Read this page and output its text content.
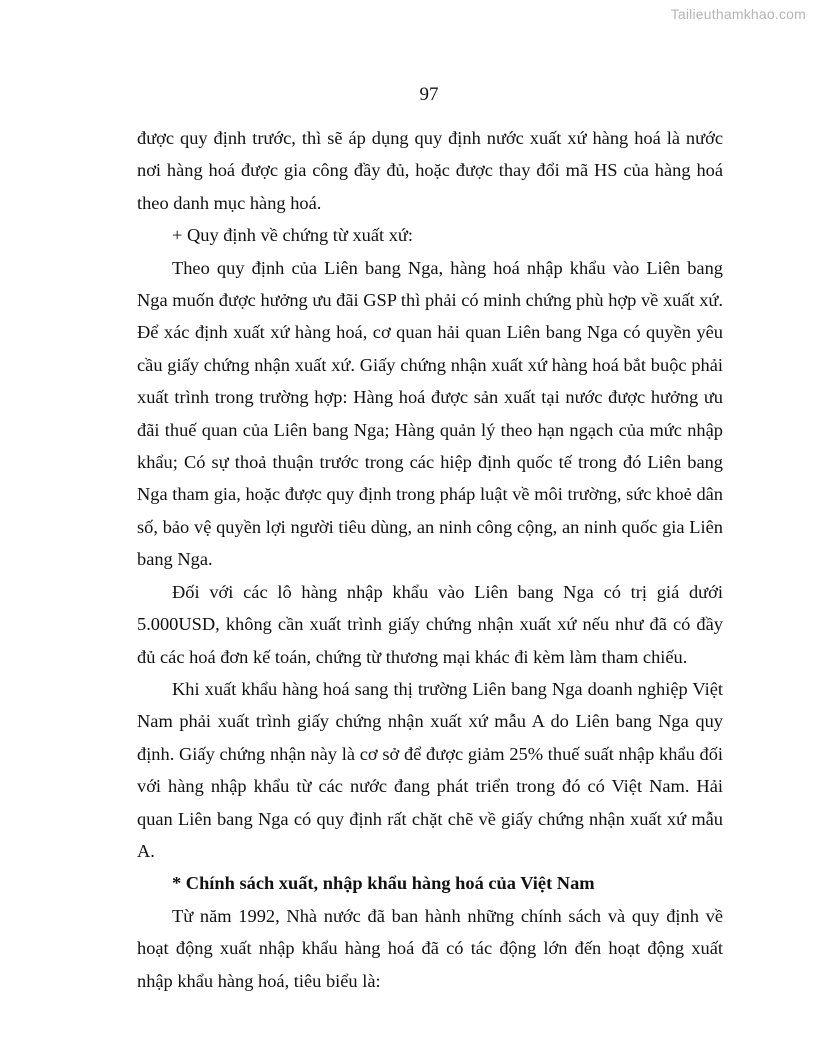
Tailieuthamkhao.com
97

được quy định trước, thì sẽ áp dụng quy định nước xuất xứ hàng hoá là nước nơi hàng hoá được gia công đầy đủ, hoặc được thay đổi mã HS của hàng hoá theo danh mục hàng hoá.

+ Quy định về chứng từ xuất xứ:

Theo quy định của Liên bang Nga, hàng hoá nhập khẩu vào Liên bang Nga muốn được hưởng ưu đãi GSP thì phải có minh chứng phù hợp về xuất xứ. Để xác định xuất xứ hàng hoá, cơ quan hải quan Liên bang Nga có quyền yêu cầu giấy chứng nhận xuất xứ. Giấy chứng nhận xuất xứ hàng hoá bắt buộc phải xuất trình trong trường hợp: Hàng hoá được sản xuất tại nước được hưởng ưu đãi thuế quan của Liên bang Nga; Hàng quản lý theo hạn ngạch của mức nhập khẩu; Có sự thoả thuận trước trong các hiệp định quốc tế trong đó Liên bang Nga tham gia, hoặc được quy định trong pháp luật về môi trường, sức khoẻ dân số, bảo vệ quyền lợi người tiêu dùng, an ninh công cộng, an ninh quốc gia Liên bang Nga.

Đối với các lô hàng nhập khẩu vào Liên bang Nga có trị giá dưới 5.000USD, không cần xuất trình giấy chứng nhận xuất xứ nếu như đã có đầy đủ các hoá đơn kế toán, chứng từ thương mại khác đi kèm làm tham chiếu.

Khi xuất khẩu hàng hoá sang thị trường Liên bang Nga doanh nghiệp Việt Nam phải xuất trình giấy chứng nhận xuất xứ mẫu A do Liên bang Nga quy định. Giấy chứng nhận này là cơ sở để được giảm 25% thuế suất nhập khẩu đối với hàng nhập khẩu từ các nước đang phát triển trong đó có Việt Nam. Hải quan Liên bang Nga có quy định rất chặt chẽ về giấy chứng nhận xuất xứ mẫu A.

* Chính sách xuất, nhập khẩu hàng hoá của Việt Nam

Từ năm 1992, Nhà nước đã ban hành những chính sách và quy định về hoạt động xuất nhập khẩu hàng hoá đã có tác động lớn đến hoạt động xuất nhập khẩu hàng hoá, tiêu biểu là:
